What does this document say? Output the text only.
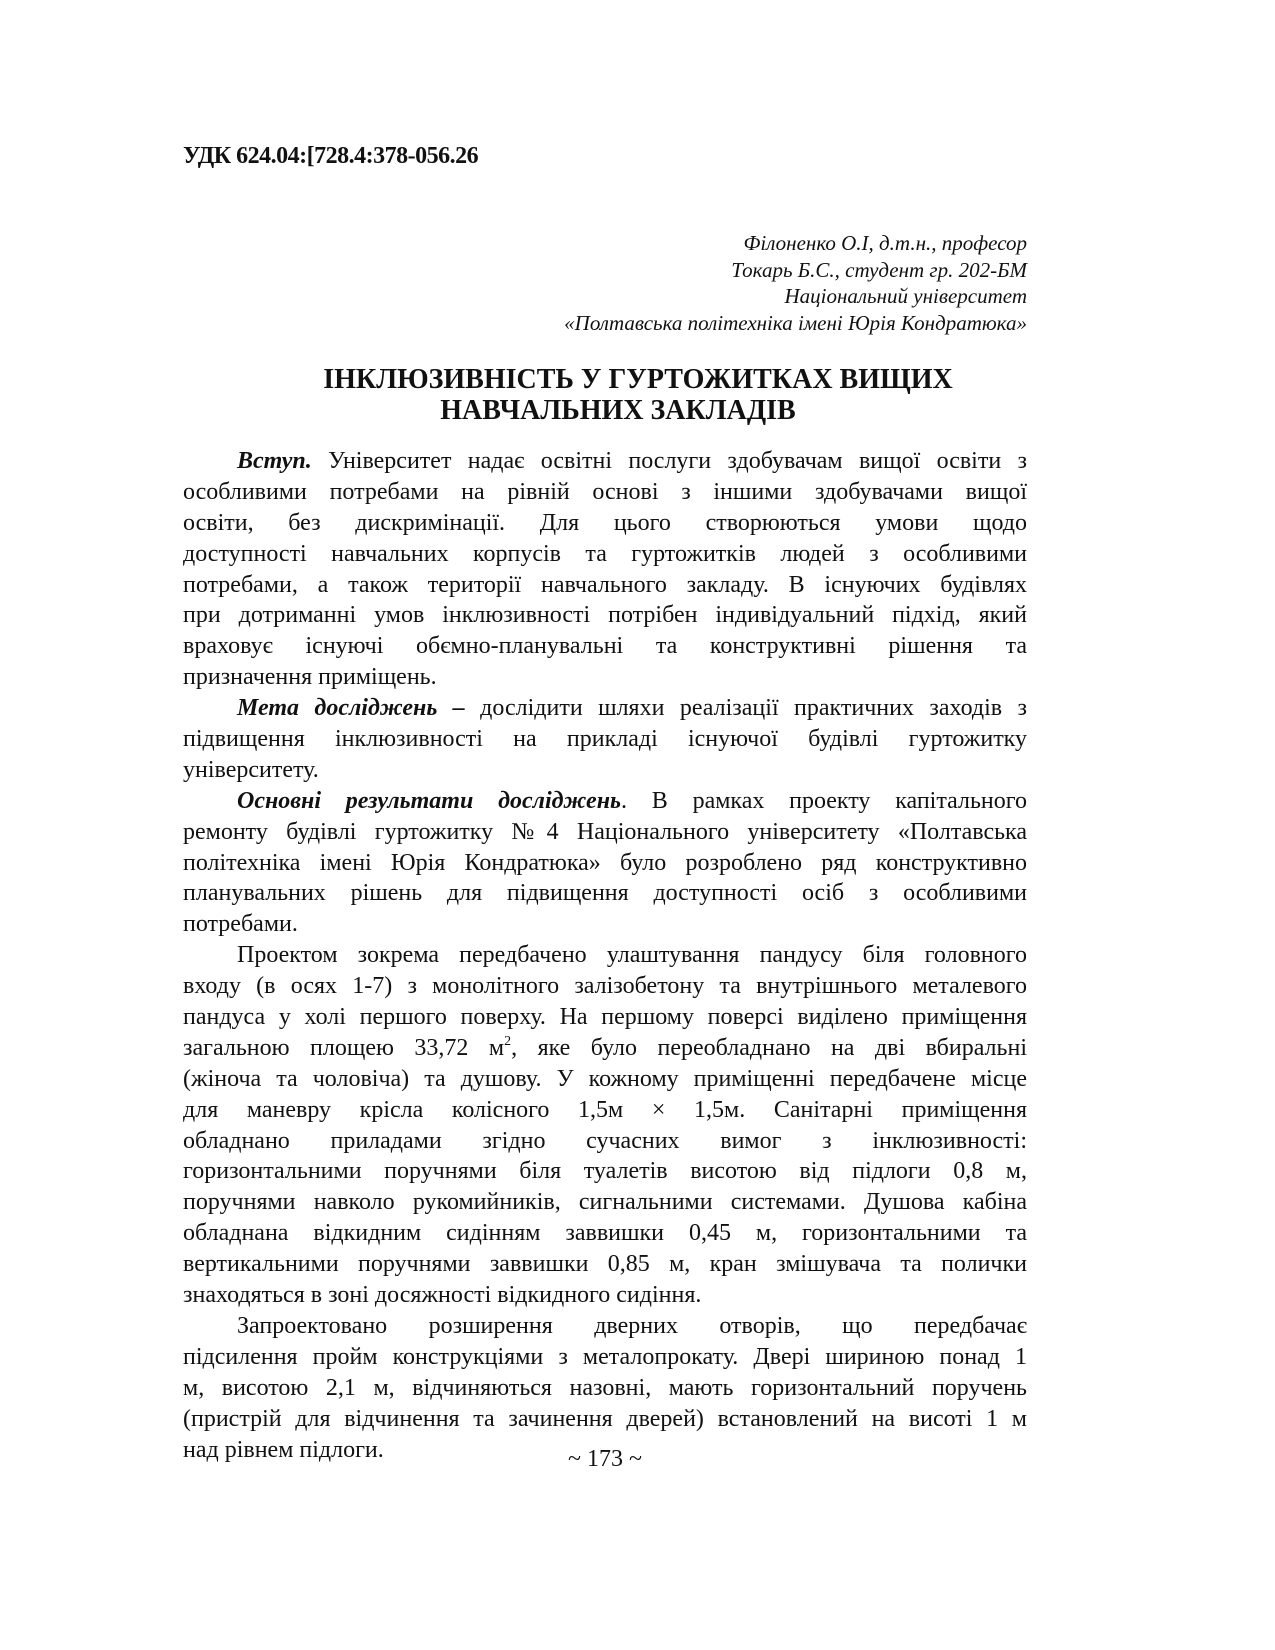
УДК 624.04:[728.4:378-056.26
Філоненко О.І, д.т.н., професор
Токарь Б.С., студент гр. 202-БМ
Національний університет
«Полтавська політехніка імені Юрія Кондратюка»
ІНКЛЮЗИВНІСТЬ У ГУРТОЖИТКАХ ВИЩИХ
НАВЧАЛЬНИХ ЗАКЛАДІВ
Вступ. Університет надає освітні послуги здобувачам вищої освіти з
особливими потребами на рівній основі з іншими здобувачами вищої
освіти, без дискримінації. Для цього створюються умови щодо
доступності навчальних корпусів та гуртожитків людей з особливими
потребами, а також території навчального закладу. В існуючих будівлях
при дотриманні умов інклюзивності потрібен індивідуальний підхід, який
враховує існуючі обємно-планувальні та конструктивні рішення та
призначення приміщень.
Мета досліджень – дослідити шляхи реалізації практичних заходів з
підвищення інклюзивності на прикладі існуючої будівлі гуртожитку
університету.
Основні результати досліджень. В рамках проекту капітального
ремонту будівлі гуртожитку №4 Національного університету «Полтавська
політехніка імені Юрія Кондратюка» було розроблено ряд конструктивно
планувальних рішень для підвищення доступності осіб з особливими
потребами.
Проектом зокрема передбачено улаштування пандусу біля головного
входу (в осях 1-7) з монолітного залізобетону та внутрішнього металевого
пандуса у холі першого поверху. На першому поверсі виділено приміщення
загальною площею 33,72 $м^2$, яке було переобладнано на дві вбиральні
(жіноча та чоловіча) та душову. У кожному приміщенні передбачене місце
для маневру крісла колісного 1,5м × 1,5м. Санітарні приміщення
обладнано приладами згідно сучасних вимог з інклюзивності:
горизонтальними поручнями біля туалетів висотою від підлоги 0,8 м,
поручнями навколо рукомийників, сигнальними системами. Душова кабіна
обладнана відкидним сидінням заввишки 0,45 м, горизонтальними та
вертикальними поручнями заввишки 0,85 м, кран змішувача та полички
знаходяться в зоні досяжності відкидного сидіння.
Запроектовано розширення дверних отворів, що передбачає
підсилення пройм конструкціями з металопрокату. Двері шириною понад 1
м, висотою 2,1 м, відчиняються назовні, мають горизонтальний поручень
(пристрій для відчинення та зачинення дверей) встановлений на висоті 1 м
над рівнем підлоги.	~ 173 ~
